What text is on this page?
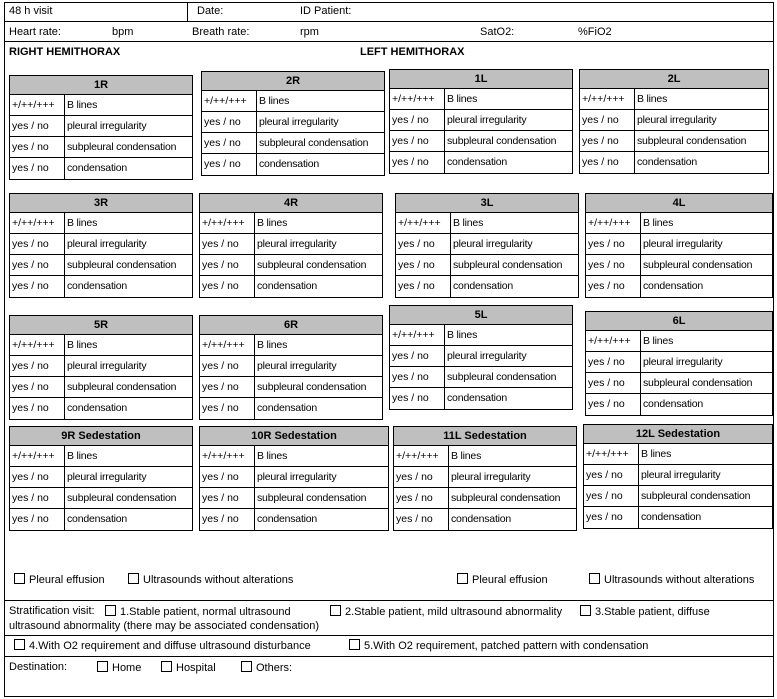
48 h visit	Date:	ID Patient:
Heart rate:	bpm	Breath rate:	rpm	SatO2:	%FiO2
RIGHT HEMITHORAX	LEFT HEMITHORAX
1R
+/++/+++	B lines
yes / no	pleural irregularity
yes / no	subpleural condensation
yes / no	condensation
2R
+/++/+++	B lines
yes / no	pleural irregularity
yes / no	subpleural condensation
yes / no	condensation
1L
+/++/+++	B lines
yes / no	pleural irregularity
yes / no	subpleural condensation
yes / no	condensation
2L
+/++/+++	B lines
yes / no	pleural irregularity
yes / no	subpleural condensation
yes / no	condensation
3R
+/++/+++	B lines
yes / no	pleural irregularity
yes / no	subpleural condensation
yes / no	condensation
4R
+/++/+++	B lines
yes / no	pleural irregularity
yes / no	subpleural condensation
yes / no	condensation
3L
+/++/+++	B lines
yes / no	pleural irregularity
yes / no	subpleural condensation
yes / no	condensation
4L
+/++/+++	B lines
yes / no	pleural irregularity
yes / no	subpleural condensation
yes / no	condensation
5R
+/++/+++	B lines
yes / no	pleural irregularity
yes / no	subpleural condensation
yes / no	condensation
6R
+/++/+++	B lines
yes / no	pleural irregularity
yes / no	subpleural condensation
yes / no	condensation
5L
+/++/+++	B lines
yes / no	pleural irregularity
yes / no	subpleural condensation
yes / no	condensation
6L
+/++/+++	B lines
yes / no	pleural irregularity
yes / no	subpleural condensation
yes / no	condensation
9R Sedestation
+/++/+++	B lines
yes / no	pleural irregularity
yes / no	subpleural condensation
yes / no	condensation
10R Sedestation
+/++/+++	B lines
yes / no	pleural irregularity
yes / no	subpleural condensation
yes / no	condensation
11L Sedestation
+/++/+++	B lines
yes / no	pleural irregularity
yes / no	subpleural condensation
yes / no	condensation
12L Sedestation
+/++/+++	B lines
yes / no	pleural irregularity
yes / no	subpleural condensation
yes / no	condensation
Pleural effusion	Ultrasounds without alterations	Pleural effusion	Ultrasounds without alterations
Stratification visit:	1.Stable patient, normal ultrasound	2.Stable patient, mild ultrasound abnormality	3.Stable patient, diffuse
ultrasound abnormality (there may be associated condensation)
4.With O2 requirement and diffuse ultrasound disturbance	5.With O2 requirement, patched pattern with condensation
Destination:	Home	Hospital	Others:
